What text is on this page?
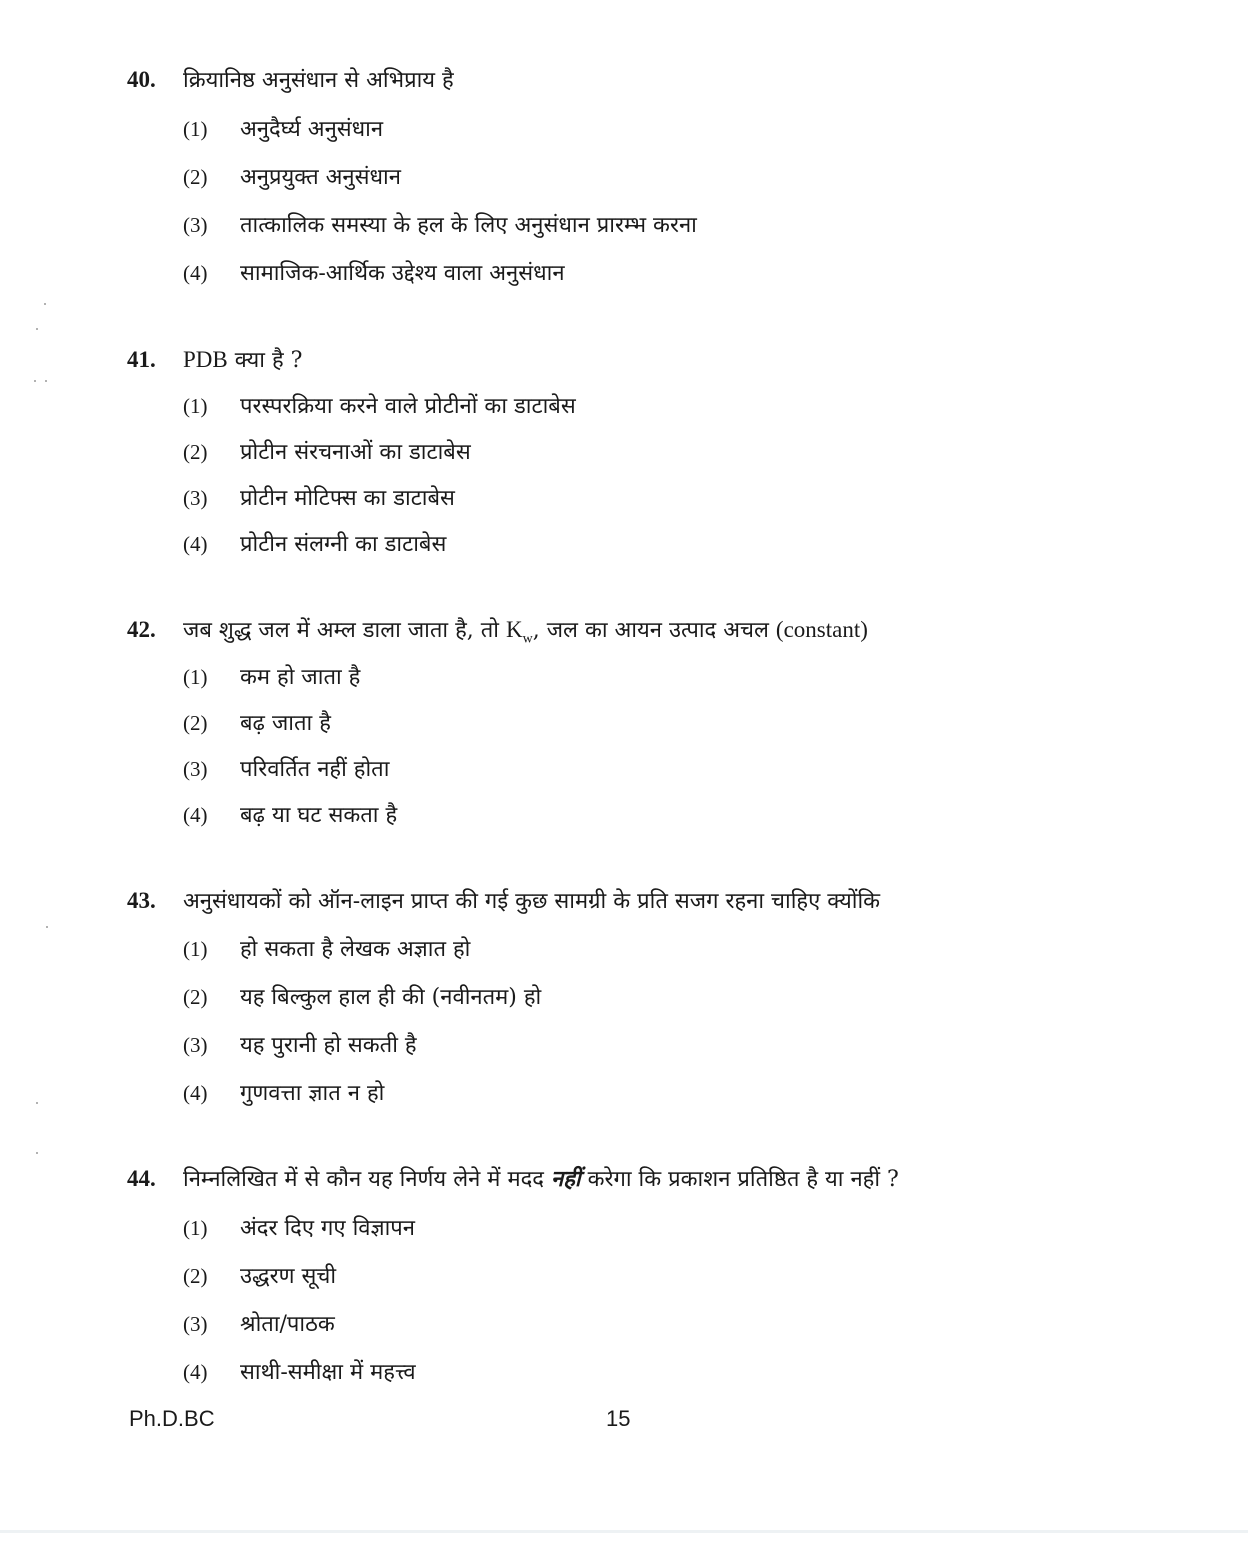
40. क्रियानिष्ठ अनुसंधान से अभिप्राय है
(1) अनुदैर्घ्य अनुसंधान
(2) अनुप्रयुक्त अनुसंधान
(3) तात्कालिक समस्या के हल के लिए अनुसंधान प्रारम्भ करना
(4) सामाजिक-आर्थिक उद्देश्य वाला अनुसंधान
41. PDB क्या है ?
(1) परस्परक्रिया करने वाले प्रोटीनों का डाटाबेस
(2) प्रोटीन संरचनाओं का डाटाबेस
(3) प्रोटीन मोटिफ्स का डाटाबेस
(4) प्रोटीन संलग्नी का डाटाबेस
42. जब शुद्ध जल में अम्ल डाला जाता है, तो $K_w$, जल का आयन उत्पाद अचल (constant)
(1) कम हो जाता है
(2) बढ़ जाता है
(3) परिवर्तित नहीं होता
(4) बढ़ या घट सकता है
43. अनुसंधायकों को ऑन-लाइन प्राप्त की गई कुछ सामग्री के प्रति सजग रहना चाहिए क्योंकि
(1) हो सकता है लेखक अज्ञात हो
(2) यह बिल्कुल हाल ही की (नवीनतम) हो
(3) यह पुरानी हो सकती है
(4) गुणवत्ता ज्ञात न हो
44. निम्नलिखित में से कौन यह निर्णय लेने में मदद नहीं करेगा कि प्रकाशन प्रतिष्ठित है या नहीं ?
(1) अंदर दिए गए विज्ञापन
(2) उद्धरण सूची
(3) श्रोता/पाठक
(4) साथी-समीक्षा में महत्त्व
Ph.D.BC	15
